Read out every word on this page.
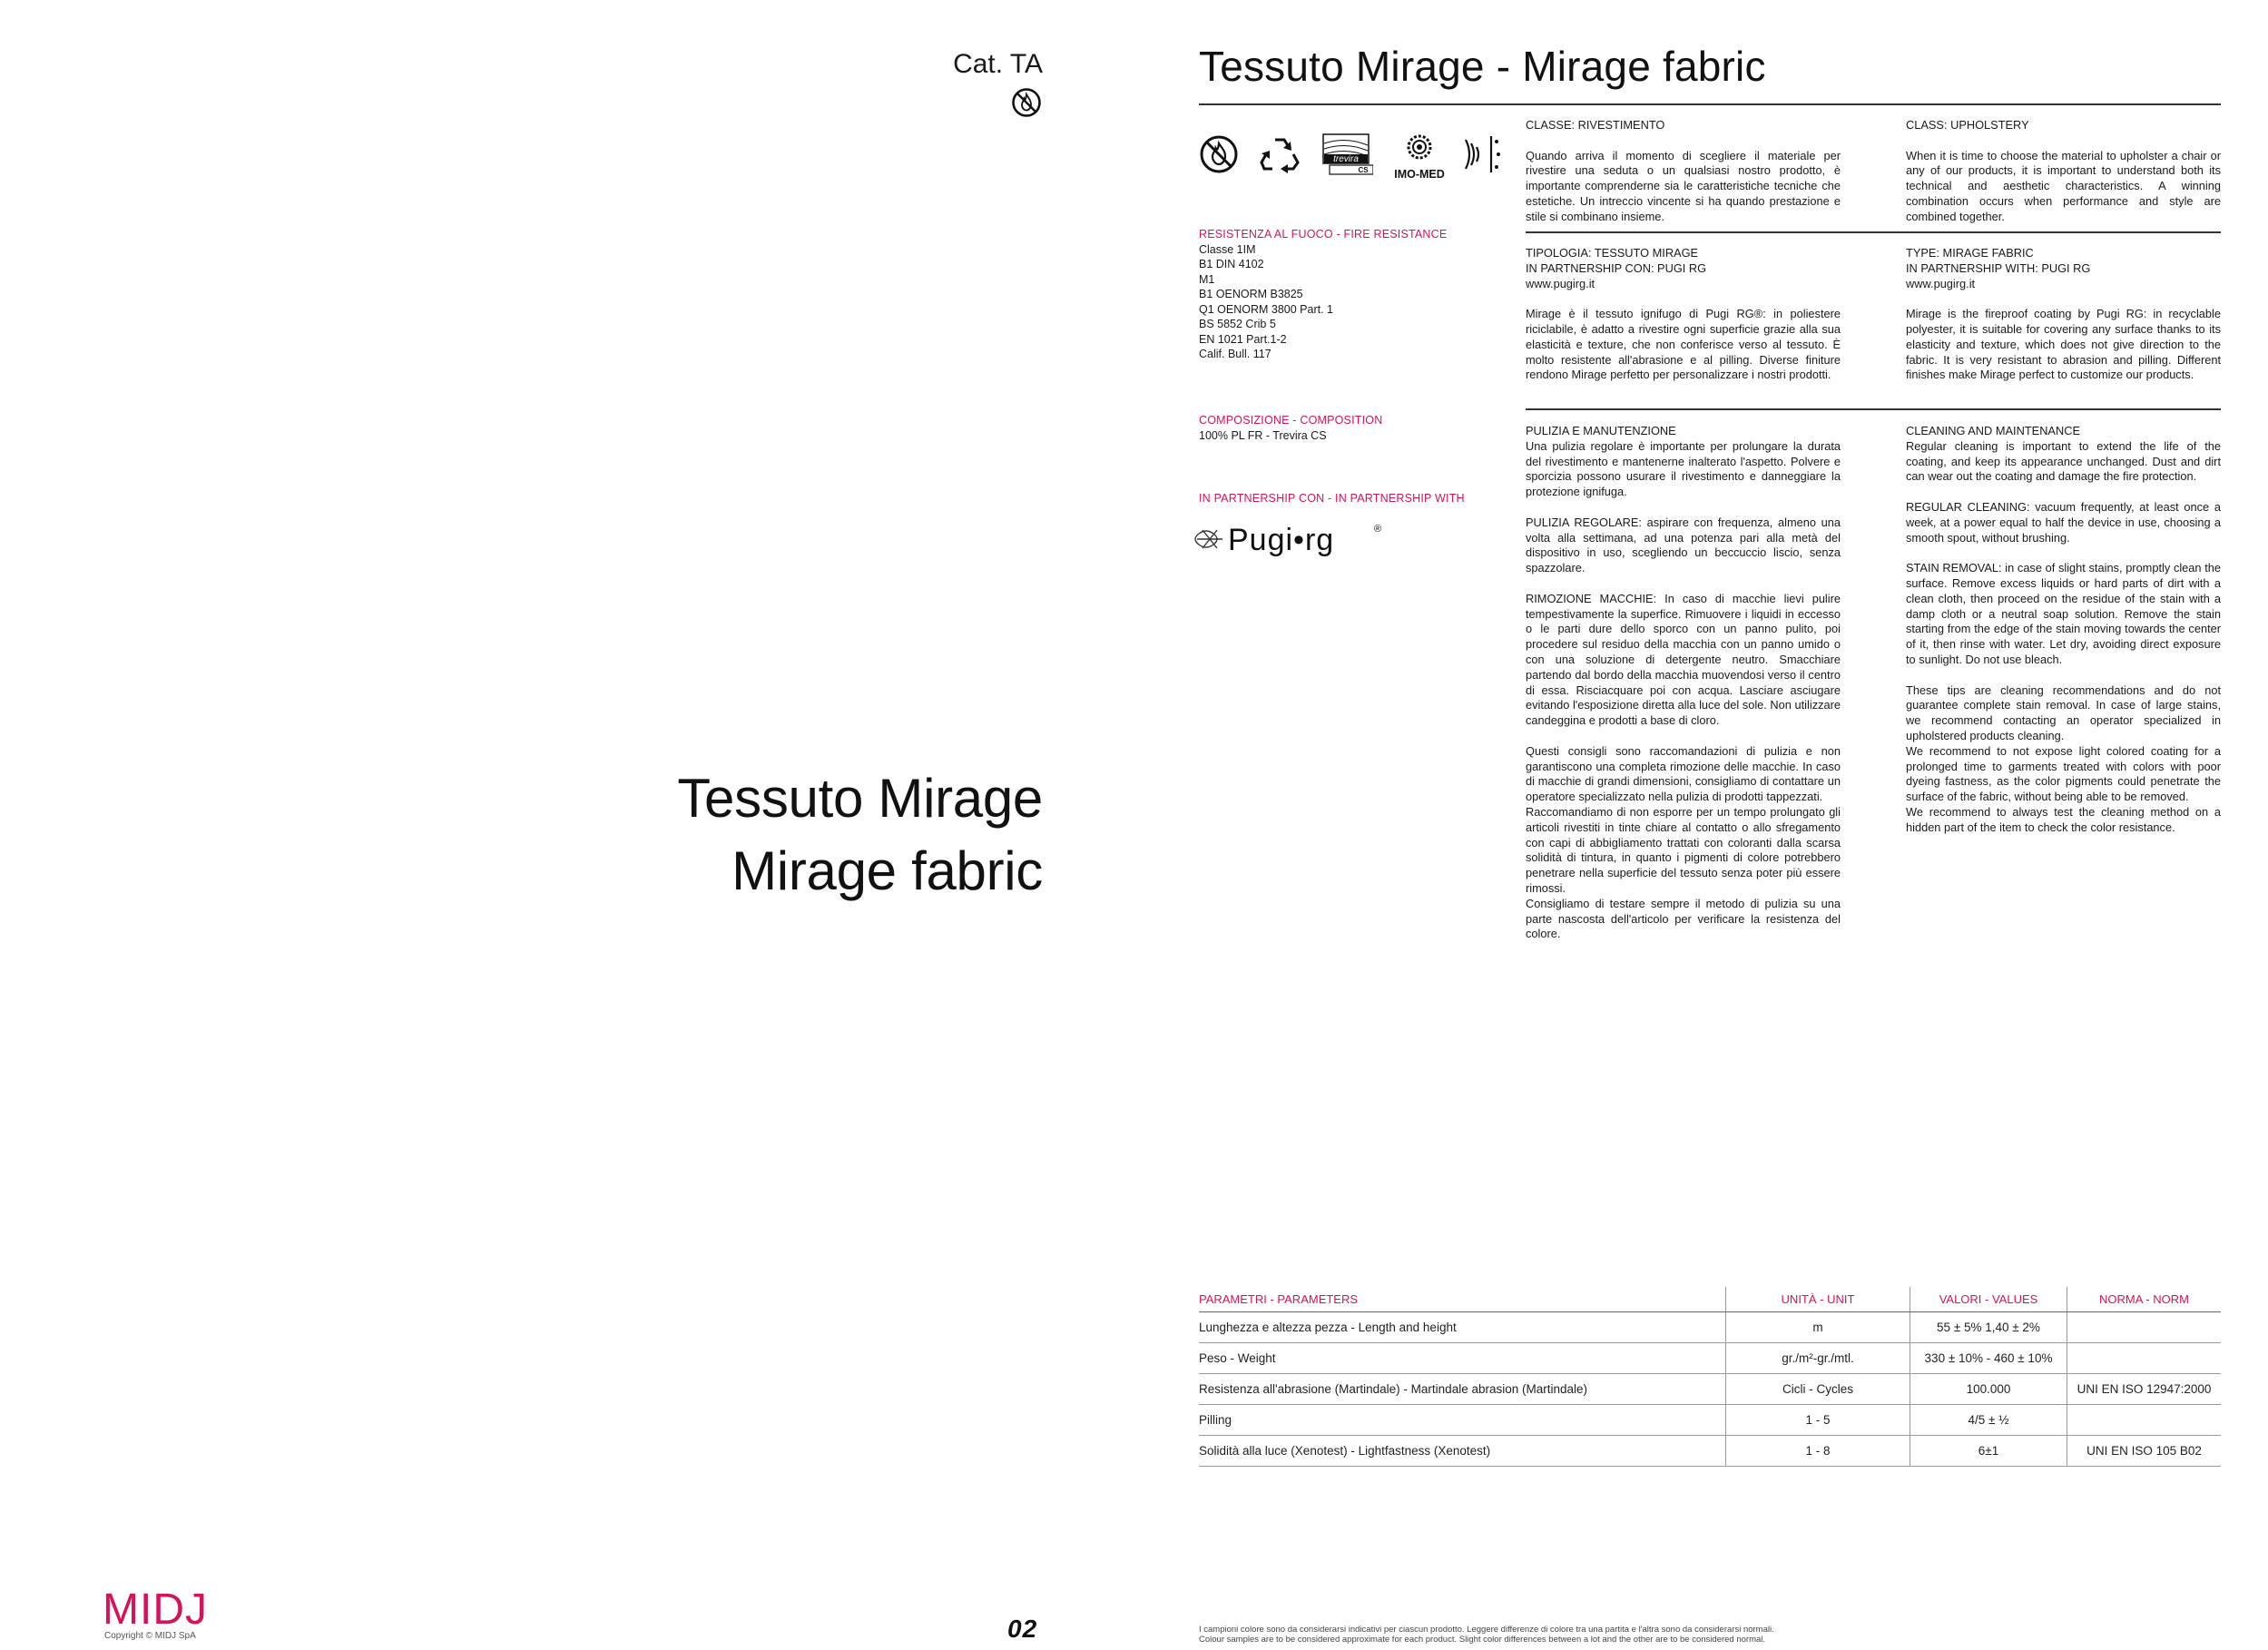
Cat. TA
Tessuto Mirage
Mirage fabric
MIDJ
Copyright © MIDJ SpA	02
Tessuto Mirage - Mirage fabric
trevira
CS IMO-MED
RESISTENZA AL FUOCO - FIRE RESISTANCE
Classe 1IM
B1 DIN 4102
M1
B1 OENORM B3825
Q1 OENORM 3800 Part. 1
BS 5852 Crib 5
EN 1021 Part.1-2
Calif. Bull. 117
COMPOSIZIONE - COMPOSITION
100% PL FR - Trevira CS
IN PARTNERSHIP CON - IN PARTNERSHIP WITH
Pugi•rg	®
CLASSE: RIVESTIMENTO

Quando arriva il momento di scegliere il materiale per rivestire una seduta o un qualsiasi nostro prodotto, è importante comprenderne sia le caratteristiche tecniche che estetiche. Un intreccio vincente si ha quando prestazione e stile si combinano insieme.

TIPOLOGIA: TESSUTO MIRAGE
IN PARTNERSHIP CON: PUGI RG
www.pugirg.it

Mirage è il tessuto ignifugo di Pugi RG®: in poliestere riciclabile, è adatto a rivestire ogni superficie grazie alla sua elasticità e texture, che non conferisce verso al tessuto. È molto resistente all'abrasione e al pilling. Diverse finiture rendono Mirage perfetto per personalizzare i nostri prodotti.

PULIZIA E MANUTENZIONE

Una pulizia regolare è importante per prolungare la durata del rivestimento e mantenerne inalterato l'aspetto. Polvere e sporcizia possono usurare il rivestimento e danneggiare la protezione ignifuga.

PULIZIA REGOLARE: aspirare con frequenza, almeno una volta alla settimana, ad una potenza pari alla metà del dispositivo in uso, scegliendo un beccuccio liscio, senza spazzolare.

RIMOZIONE MACCHIE: In caso di macchie lievi pulire tempestivamente la superfice. Rimuovere i liquidi in eccesso o le parti dure dello sporco con un panno pulito, poi procedere sul residuo della macchia con un panno umido o con una soluzione di detergente neutro. Smacchiare partendo dal bordo della macchia muovendosi verso il centro di essa. Risciacquare poi con acqua. Lasciare asciugare evitando l'esposizione diretta alla luce del sole. Non utilizzare candeggina e prodotti a base di cloro.

Questi consigli sono raccomandazioni di pulizia e non garantiscono una completa rimozione delle macchie. In caso di macchie di grandi dimensioni, consigliamo di contattare un operatore specializzato nella pulizia di prodotti tappezzati.

Raccomandiamo di non esporre per un tempo prolungato gli articoli rivestiti in tinte chiare al contatto o allo sfregamento con capi di abbigliamento trattati con coloranti dalla scarsa solidità di tintura, in quanto i pigmenti di colore potrebbero penetrare nella superficie del tessuto senza poter più essere rimossi.

Consigliamo di testare sempre il metodo di pulizia su una parte nascosta dell'articolo per verificare la resistenza del colore.

CLASS: UPHOLSTERY

When it is time to choose the material to upholster a chair or any of our products, it is important to understand both its technical and aesthetic characteristics. A winning combination occurs when performance and style are combined together.

TYPE: MIRAGE FABRIC
IN PARTNERSHIP WITH: PUGI RG
www.pugirg.it

Mirage is the fireproof coating by Pugi RG: in recyclable polyester, it is suitable for covering any surface thanks to its elasticity and texture, which does not give direction to the fabric. It is very resistant to abrasion and pilling. Different finishes make Mirage perfect to customize our products.

CLEANING AND MAINTENANCE

Regular cleaning is important to extend the life of the coating, and keep its appearance unchanged. Dust and dirt can wear out the coating and damage the fire protection.

REGULAR CLEANING: vacuum frequently, at least once a week, at a power equal to half the device in use, choosing a smooth spout, without brushing.

STAIN REMOVAL: in case of slight stains, promptly clean the surface. Remove excess liquids or hard parts of dirt with a clean cloth, then proceed on the residue of the stain with a damp cloth or a neutral soap solution. Remove the stain starting from the edge of the stain moving towards the center of it, then rinse with water. Let dry, avoiding direct exposure to sunlight. Do not use bleach.

These tips are cleaning recommendations and do not guarantee complete stain removal. In case of large stains, we recommend contacting an operator specialized in upholstered products cleaning.

We recommend to not expose light colored coating for a prolonged time to garments treated with colors with poor dyeing fastness, as the color pigments could penetrate the surface of the fabric, without being able to be removed.

We recommend to always test the cleaning method on a hidden part of the item to check the color resistance.

PARAMETRI - PARAMETERS	UNITÀ - UNIT	VALORI - VALUES	NORMA - NORM
Lunghezza e altezza pezza - Length and height	m	55 ± 5% 1,40 ± 2%
Peso - Weight	gr./m²-gr./mtl.	330 ± 10% - 460 ± 10%
Resistenza all'abrasione (Martindale) - Martindale abrasion (Martindale)	Cicli - Cycles	100.000	UNI EN ISO 12947:2000
Pilling	1 - 5	4/5 ± ½
Solidità alla luce (Xenotest) - Lightfastness (Xenotest)	1 - 8	6±1	UNI EN ISO 105 B02
I campioni colore sono da considerarsi indicativi per ciascun prodotto. Leggere differenze di colore tra una partita e l'altra sono da considerarsi normali.
Colour samples are to be considered approximate for each product. Slight color differences between a lot and the other are to be considered normal.
